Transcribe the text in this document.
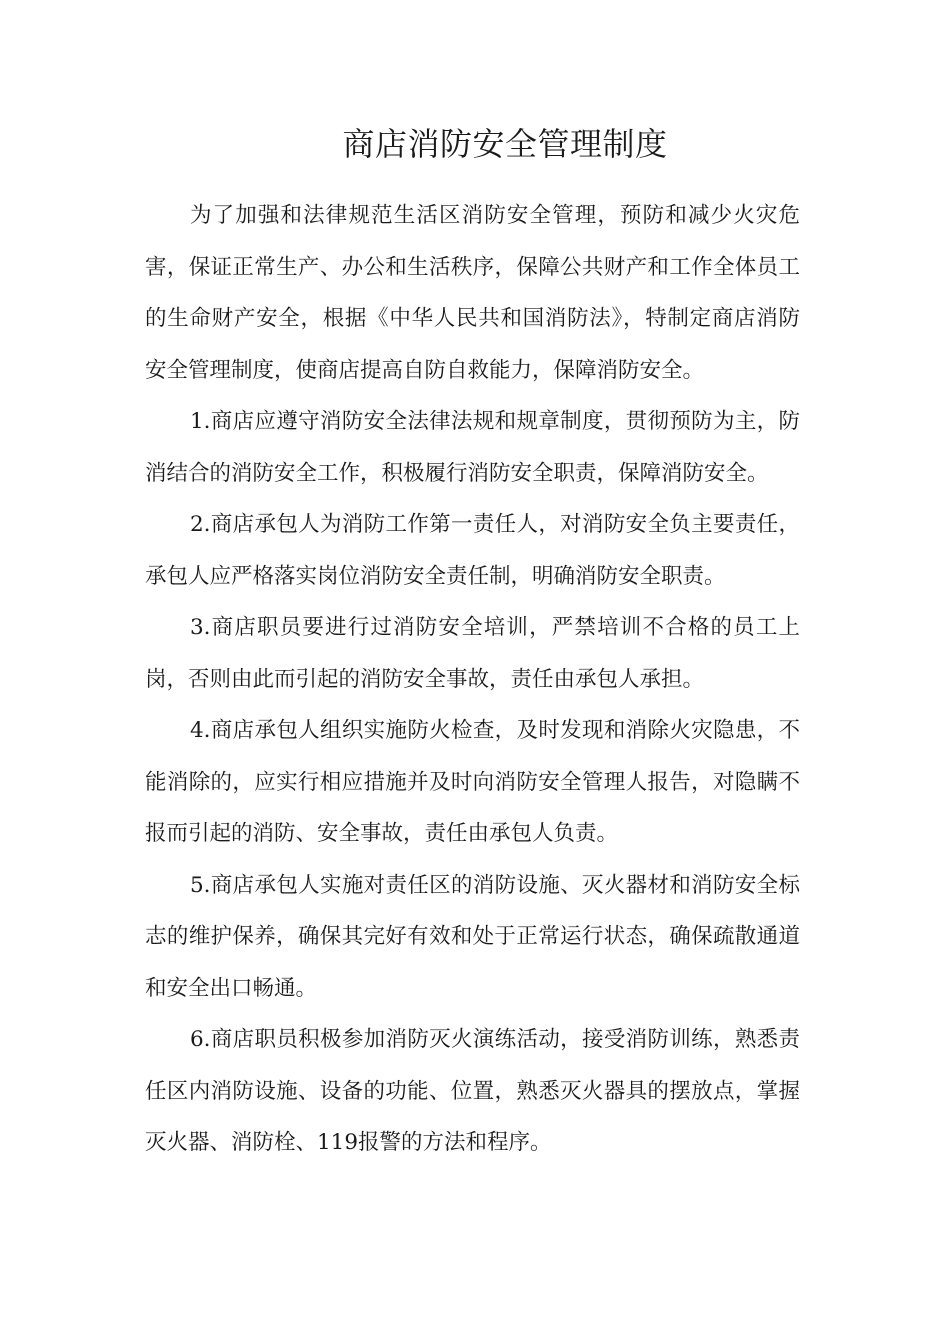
商店消防安全管理制度

为了加强和法律规范生活区消防安全管理，预防和减少火灾危害，保证正常生产、办公和生活秩序，保障公共财产和工作全体员工的生命财产安全，根据《中华人民共和国消防法》，特制定商店消防安全管理制度，使商店提高自防自救能力，保障消防安全。

1.商店应遵守消防安全法律法规和规章制度，贯彻预防为主，防消结合的消防安全工作，积极履行消防安全职责，保障消防安全。

2.商店承包人为消防工作第一责任人，对消防安全负主要责任，承包人应严格落实岗位消防安全责任制，明确消防安全职责。

3.商店职员要进行过消防安全培训，严禁培训不合格的员工上岗，否则由此而引起的消防安全事故，责任由承包人承担。

4.商店承包人组织实施防火检查，及时发现和消除火灾隐患，不能消除的，应实行相应措施并及时向消防安全管理人报告，对隐瞒不报而引起的消防、安全事故，责任由承包人负责。

5.商店承包人实施对责任区的消防设施、灭火器材和消防安全标志的维护保养，确保其完好有效和处于正常运行状态，确保疏散通道和安全出口畅通。

6.商店职员积极参加消防灭火演练活动，接受消防训练，熟悉责任区内消防设施、设备的功能、位置，熟悉灭火器具的摆放点，掌握灭火器、消防栓、119报警的方法和程序。
